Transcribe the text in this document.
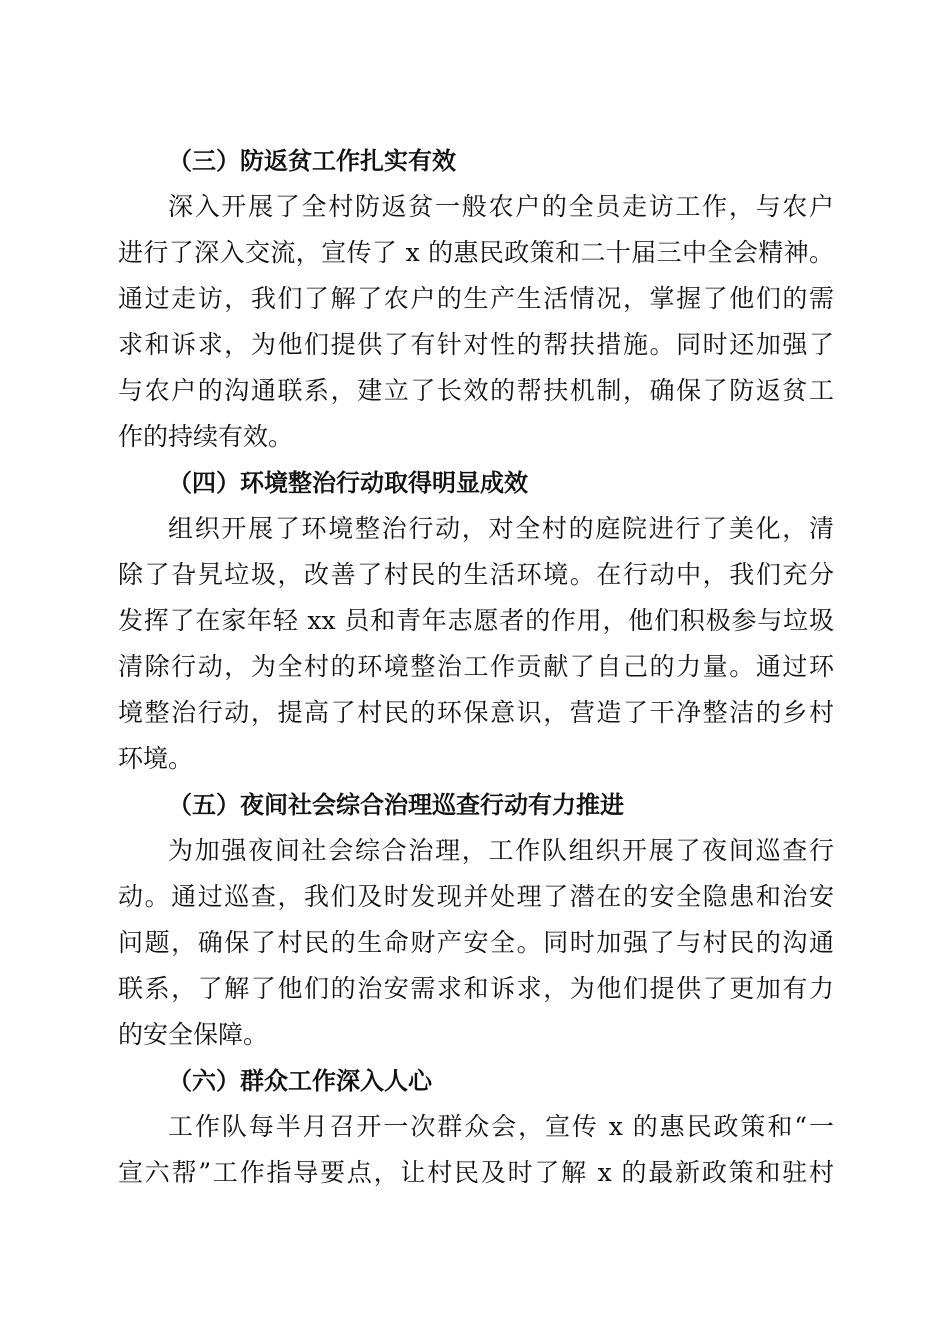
（三）防返贫工作扎实有效
深入开展了全村防返贫一般农户的全员走访工作，与农户
进行了深入交流，宣传了 x 的惠民政策和二十届三中全会精神。
通过走访，我们了解了农户的生产生活情况，掌握了他们的需
求和诉求，为他们提供了有针对性的帮扶措施。同时还加强了
与农户的沟通联系，建立了长效的帮扶机制，确保了防返贫工
作的持续有效。
（四）环境整治行动取得明显成效
组织开展了环境整治行动，对全村的庭院进行了美化，清
除了旮旯垃圾，改善了村民的生活环境。在行动中，我们充分
发挥了在家年轻 xx 员和青年志愿者的作用，他们积极参与垃圾
清除行动，为全村的环境整治工作贡献了自己的力量。通过环
境整治行动，提高了村民的环保意识，营造了干净整洁的乡村
环境。
（五）夜间社会综合治理巡查行动有力推进
为加强夜间社会综合治理，工作队组织开展了夜间巡查行
动。通过巡查，我们及时发现并处理了潜在的安全隐患和治安
问题，确保了村民的生命财产安全。同时加强了与村民的沟通
联系，了解了他们的治安需求和诉求，为他们提供了更加有力
的安全保障。
（六）群众工作深入人心
工作队每半月召开一次群众会，宣传 x 的惠民政策和“一
宣六帮”工作指导要点，让村民及时了解 x 的最新政策和驻村
